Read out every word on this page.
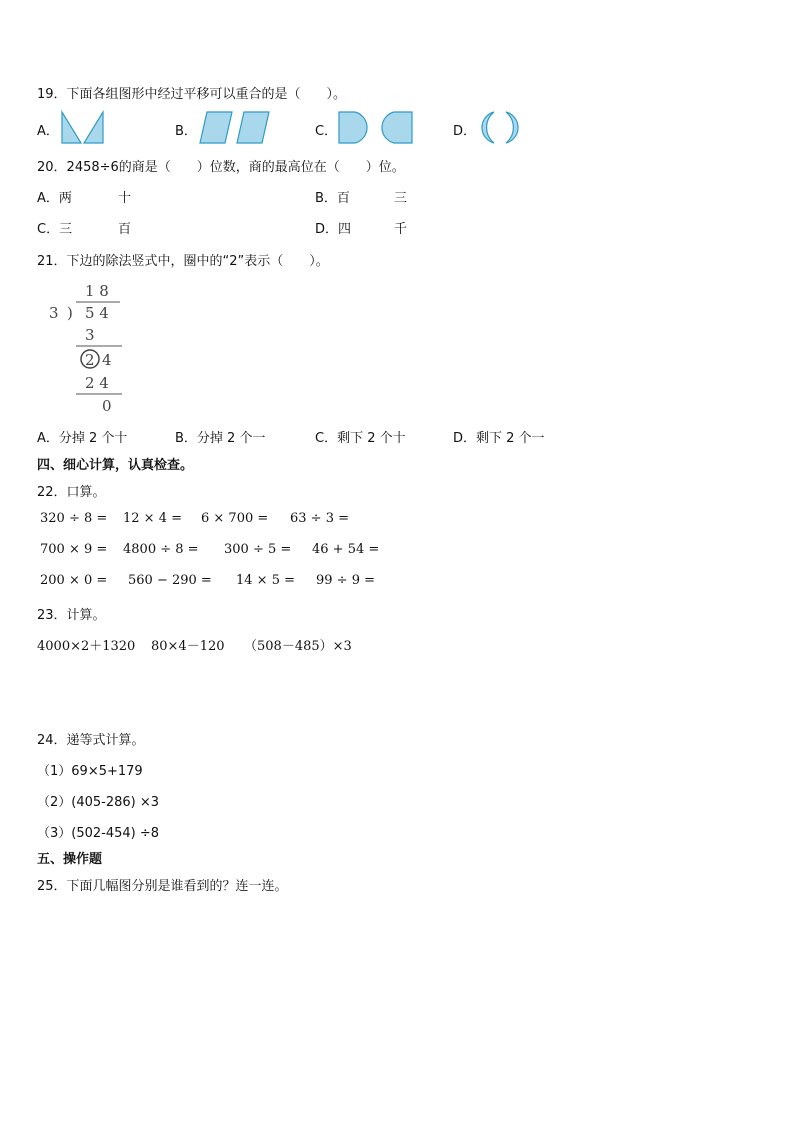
19．下面各组图形中经过平移可以重合的是（　　）。
A．	B．	C．	D．
20．2458÷6的商是（　　）位数，商的最高位在（　　）位。
A．两	十	B．百	三
C．三	百	D．四	千
21．下边的除法竖式中，圈中的“2”表示（　　）。
1 8
3 ) 5 4
3
2 4
2 4
0
A．分掉 2 个十	B．分掉 2 个一	C．剩下 2 个十	D．剩下 2 个一
四、细心计算，认真检查。
22．口算。
320 ÷ 8 = 12 × 4 = 6 × 700 = 63 ÷ 3 =
700 × 9 = 4800 ÷ 8 = 300 ÷ 5 = 46 + 54 =
200 × 0 = 560 − 290 = 14 × 5 = 99 ÷ 9 =
23．计算。
4000×2＋1320 80×4－120 （508－485）×3
24．递等式计算。
（1）69×5+179
（2）(405-286) ×3
（3）(502-454) ÷8
五、操作题
25．下面几幅图分别是谁看到的？连一连。
